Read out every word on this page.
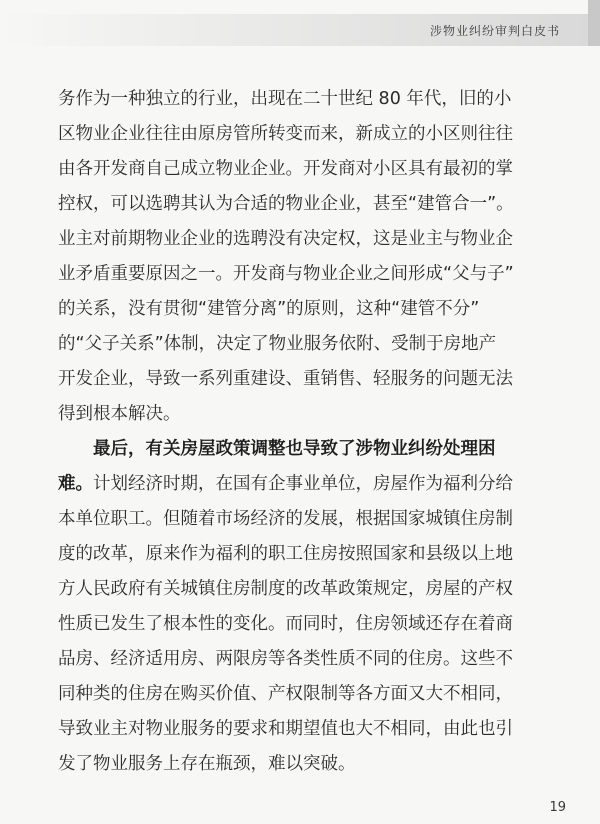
涉物业纠纷审判白皮书
务作为一种独立的行业，出现在二十世纪 80 年代，旧的小
区物业企业往往由原房管所转变而来，新成立的小区则往往
由各开发商自己成立物业企业。开发商对小区具有最初的掌
控权，可以选聘其认为合适的物业企业，甚至“建管合一”。
业主对前期物业企业的选聘没有决定权，这是业主与物业企
业矛盾重要原因之一。开发商与物业企业之间形成“父与子”
的关系，没有贯彻“建管分离”的原则，这种“建管不分”
的“父子关系”体制，决定了物业服务依附、受制于房地产
开发企业，导致一系列重建设、重销售、轻服务的问题无法
得到根本解决。
最后，有关房屋政策调整也导致了涉物业纠纷处理困
难。计划经济时期，在国有企事业单位，房屋作为福利分给
本单位职工。但随着市场经济的发展，根据国家城镇住房制
度的改革，原来作为福利的职工住房按照国家和县级以上地
方人民政府有关城镇住房制度的改革政策规定，房屋的产权
性质已发生了根本性的变化。而同时，住房领域还存在着商
品房、经济适用房、两限房等各类性质不同的住房。这些不
同种类的住房在购买价值、产权限制等各方面又大不相同，
导致业主对物业服务的要求和期望值也大不相同，由此也引
发了物业服务上存在瓶颈，难以突破。
19
